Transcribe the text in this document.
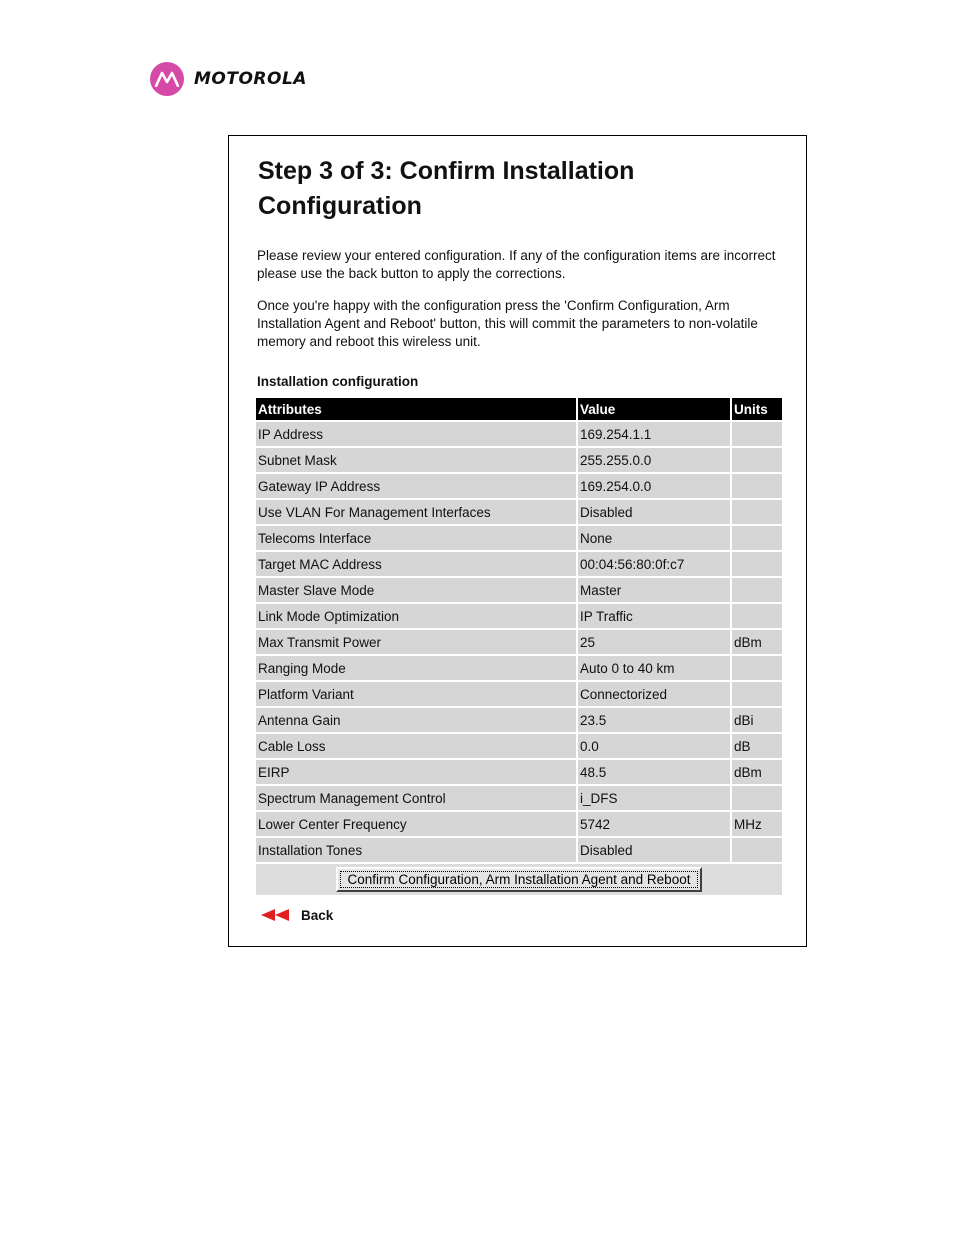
MOTOROLA
Step 3 of 3: Confirm Installation Configuration

Please review your entered configuration. If any of the configuration items are incorrect please use the back button to apply the corrections.

Once you're happy with the configuration press the 'Confirm Configuration, Arm Installation Agent and Reboot' button, this will commit the parameters to non-volatile memory and reboot this wireless unit.

Installation configuration

Attributes	Value	Units
IP Address	169.254.1.1	
Subnet Mask	255.255.0.0	
Gateway IP Address	169.254.0.0	
Use VLAN For Management Interfaces	Disabled	
Telecoms Interface	None	
Target MAC Address	00:04:56:80:0f:c7	
Master Slave Mode	Master	
Link Mode Optimization	IP Traffic	
Max Transmit Power	25	dBm
Ranging Mode	Auto 0 to 40 km	
Platform Variant	Connectorized	
Antenna Gain	23.5	dBi
Cable Loss	0.0	dB
EIRP	48.5	dBm
Spectrum Management Control	i_DFS	
Lower Center Frequency	5742	MHz
Installation Tones	Disabled	
Confirm Configuration, Arm Installation Agent and Reboot		
Back
